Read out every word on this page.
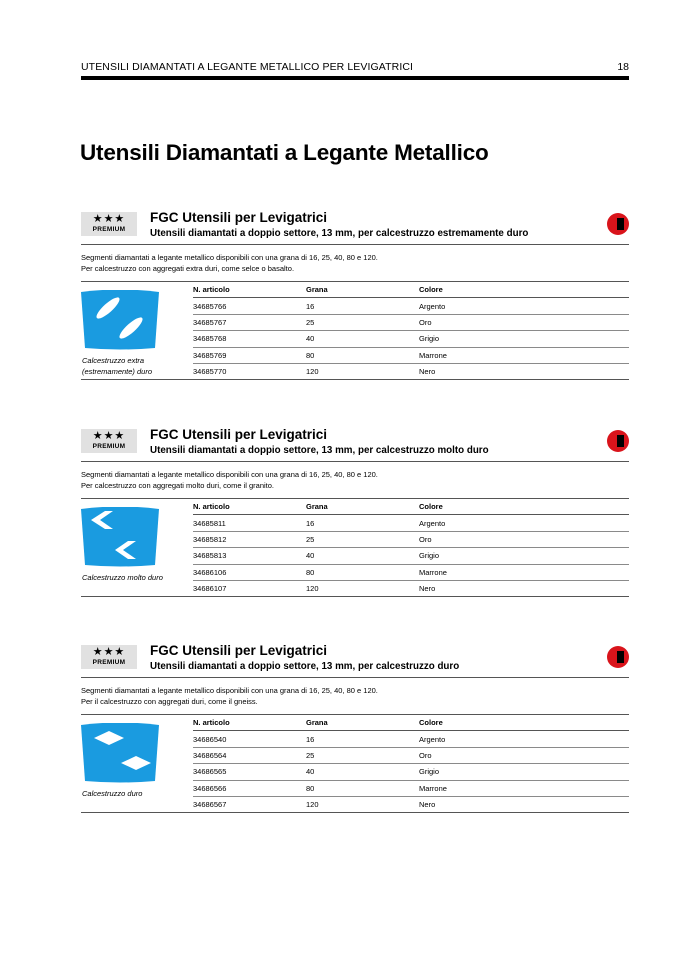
UTENSILI DIAMANTATI A LEGANTE METALLICO PER LEVIGATRICI	18
Utensili Diamantati a Legante Metallico
★★★
PREMIUM
FGC Utensili per Levigatrici
Utensili diamantati a doppio settore, 13 mm, per calcestruzzo estremamente duro
Segmenti diamantati a legante metallico disponibili con una grana di 16, 25, 40, 80 e 120.
Per calcestruzzo con aggregati extra duri, come selce o basalto.
Calcestruzzo extra (estremamente) duro
N. articolo	Grana	Colore
34685766	16	Argento
34685767	25	Oro
34685768	40	Grigio
34685769	80	Marrone
34685770	120	Nero
★★★
PREMIUM
FGC Utensili per Levigatrici
Utensili diamantati a doppio settore, 13 mm, per calcestruzzo molto duro
Segmenti diamantati a legante metallico disponibili con una grana di 16, 25, 40, 80 e 120.
Per calcestruzzo con aggregati molto duri, come il granito.
Calcestruzzo molto duro
N. articolo	Grana	Colore
34685811	16	Argento
34685812	25	Oro
34685813	40	Grigio
34686106	80	Marrone
34686107	120	Nero
★★★
PREMIUM
FGC Utensili per Levigatrici
Utensili diamantati a doppio settore, 13 mm, per calcestruzzo duro
Segmenti diamantati a legante metallico disponibili con una grana di 16, 25, 40, 80 e 120.
Per il calcestruzzo con aggregati duri, come il gneiss.
Calcestruzzo duro
N. articolo	Grana	Colore
34686540	16	Argento
34686564	25	Oro
34686565	40	Grigio
34686566	80	Marrone
34686567	120	Nero
